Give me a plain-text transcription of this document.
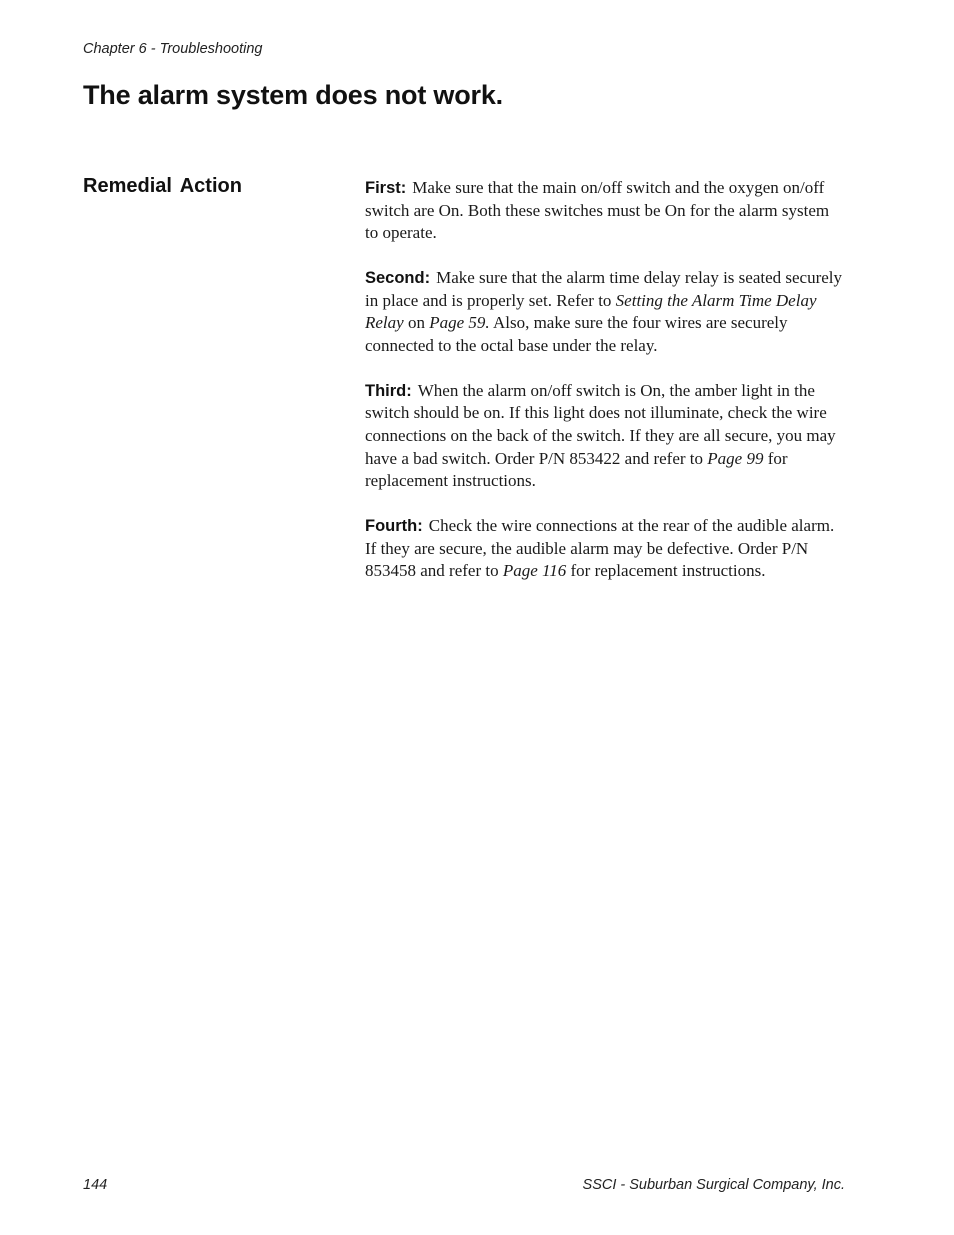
Chapter 6 - Troubleshooting
The alarm system does not work.
Remedial Action	First: Make sure that the main on/off switch and the oxygen on/off switch are On. Both these switches must be On for the alarm system to operate.

Second: Make sure that the alarm time delay relay is seated securely in place and is properly set. Refer to Setting the Alarm Time Delay Relay on Page 59. Also, make sure the four wires are securely connected to the octal base under the relay.

Third: When the alarm on/off switch is On, the amber light in the switch should be on. If this light does not illuminate, check the wire connections on the back of the switch. If they are all secure, you may have a bad switch. Order P/N 853422 and refer to Page 99 for replacement instructions.

Fourth: Check the wire connections at the rear of the audible alarm. If they are secure, the audible alarm may be defective. Order P/N 853458 and refer to Page 116 for replacement instructions.

144	SSCI - Suburban Surgical Company, Inc.
